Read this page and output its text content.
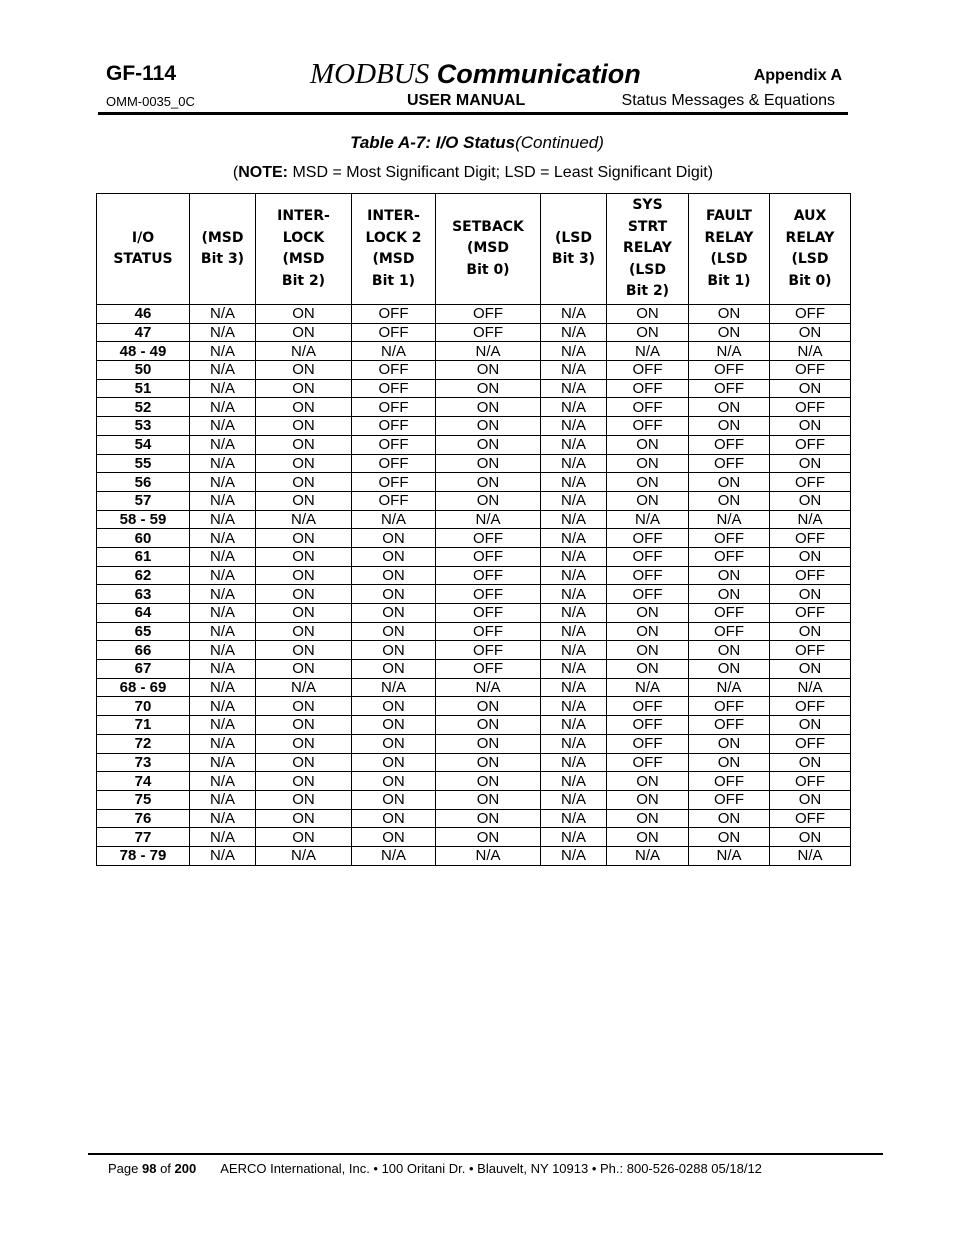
GF-114	MODBUS Communication	Appendix A
OMM-0035_0C	USER MANUAL	Status Messages & Equations
Table A-7: I/O Status(Continued)
(NOTE: MSD = Most Significant Digit; LSD = Least Significant Digit)
I/O
STATUS	(MSD
Bit 3)	INTER-
LOCK
(MSD
Bit 2)	INTER-
LOCK 2
(MSD
Bit 1)	SETBACK
(MSD
Bit 0)	(LSD
Bit 3)	SYS
STRT
RELAY
(LSD
Bit 2)	FAULT
RELAY
(LSD
Bit 1)	AUX
RELAY
(LSD
Bit 0)
46	N/A	ON	OFF	OFF	N/A	ON	ON	OFF
47	N/A	ON	OFF	OFF	N/A	ON	ON	ON
48 - 49	N/A	N/A	N/A	N/A	N/A	N/A	N/A	N/A
50	N/A	ON	OFF	ON	N/A	OFF	OFF	OFF
51	N/A	ON	OFF	ON	N/A	OFF	OFF	ON
52	N/A	ON	OFF	ON	N/A	OFF	ON	OFF
53	N/A	ON	OFF	ON	N/A	OFF	ON	ON
54	N/A	ON	OFF	ON	N/A	ON	OFF	OFF
55	N/A	ON	OFF	ON	N/A	ON	OFF	ON
56	N/A	ON	OFF	ON	N/A	ON	ON	OFF
57	N/A	ON	OFF	ON	N/A	ON	ON	ON
58 - 59	N/A	N/A	N/A	N/A	N/A	N/A	N/A	N/A
60	N/A	ON	ON	OFF	N/A	OFF	OFF	OFF
61	N/A	ON	ON	OFF	N/A	OFF	OFF	ON
62	N/A	ON	ON	OFF	N/A	OFF	ON	OFF
63	N/A	ON	ON	OFF	N/A	OFF	ON	ON
64	N/A	ON	ON	OFF	N/A	ON	OFF	OFF
65	N/A	ON	ON	OFF	N/A	ON	OFF	ON
66	N/A	ON	ON	OFF	N/A	ON	ON	OFF
67	N/A	ON	ON	OFF	N/A	ON	ON	ON
68 - 69	N/A	N/A	N/A	N/A	N/A	N/A	N/A	N/A
70	N/A	ON	ON	ON	N/A	OFF	OFF	OFF
71	N/A	ON	ON	ON	N/A	OFF	OFF	ON
72	N/A	ON	ON	ON	N/A	OFF	ON	OFF
73	N/A	ON	ON	ON	N/A	OFF	ON	ON
74	N/A	ON	ON	ON	N/A	ON	OFF	OFF
75	N/A	ON	ON	ON	N/A	ON	OFF	ON
76	N/A	ON	ON	ON	N/A	ON	ON	OFF
77	N/A	ON	ON	ON	N/A	ON	ON	ON
78 - 79	N/A	N/A	N/A	N/A	N/A	N/A	N/A	N/A
Page 98 of 200 AERCO International, Inc. • 100 Oritani Dr. • Blauvelt, NY 10913 • Ph.: 800-526-0288 05/18/12
